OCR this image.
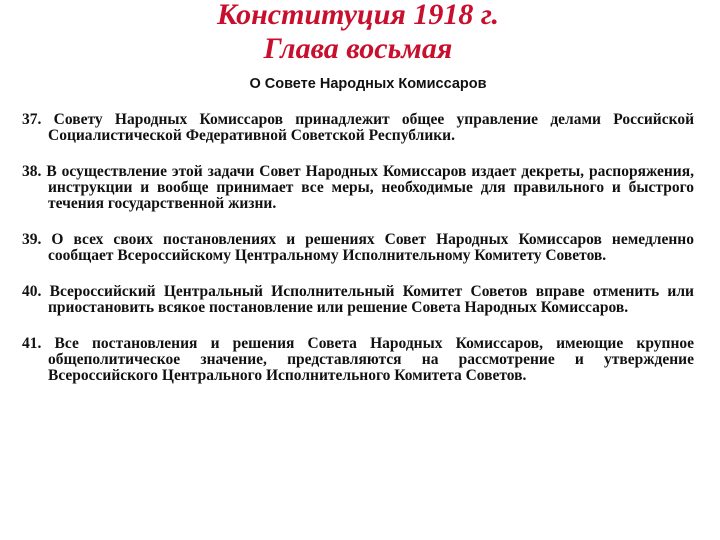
Конституция 1918 г.
Глава восьмая
О Совете Народных Комиссаров

37. Совету Народных Комиссаров принадлежит общее управление делами Российской Социалистической Федеративной Советской Республики.

38. В осуществление этой задачи Совет Народных Комиссаров издает декреты, распоряжения, инструкции и вообще принимает все меры, необходимые для правильного и быстрого течения государственной жизни.

39. О всех своих постановлениях и решениях Совет Народных Комиссаров немедленно сообщает Всероссийскому Центральному Исполнительному Комитету Советов.

40. Всероссийский Центральный Исполнительный Комитет Советов вправе отменить или приостановить всякое постановление или решение Совета Народных Комиссаров.

41. Все постановления и решения Совета Народных Комиссаров, имеющие крупное общеполитическое значение, представляются на рассмотрение и утверждение Всероссийского Центрального Исполнительного Комитета Советов.
